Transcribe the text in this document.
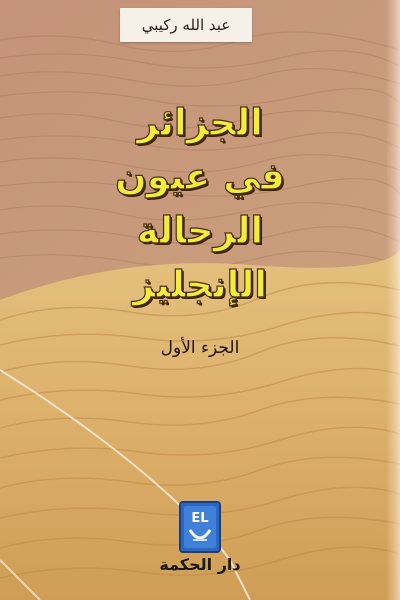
عبد الله ركيبي
الجزائر
في عيون الرحالة
الإنجليز
الجزء الأول
EL
دار الحكمة
